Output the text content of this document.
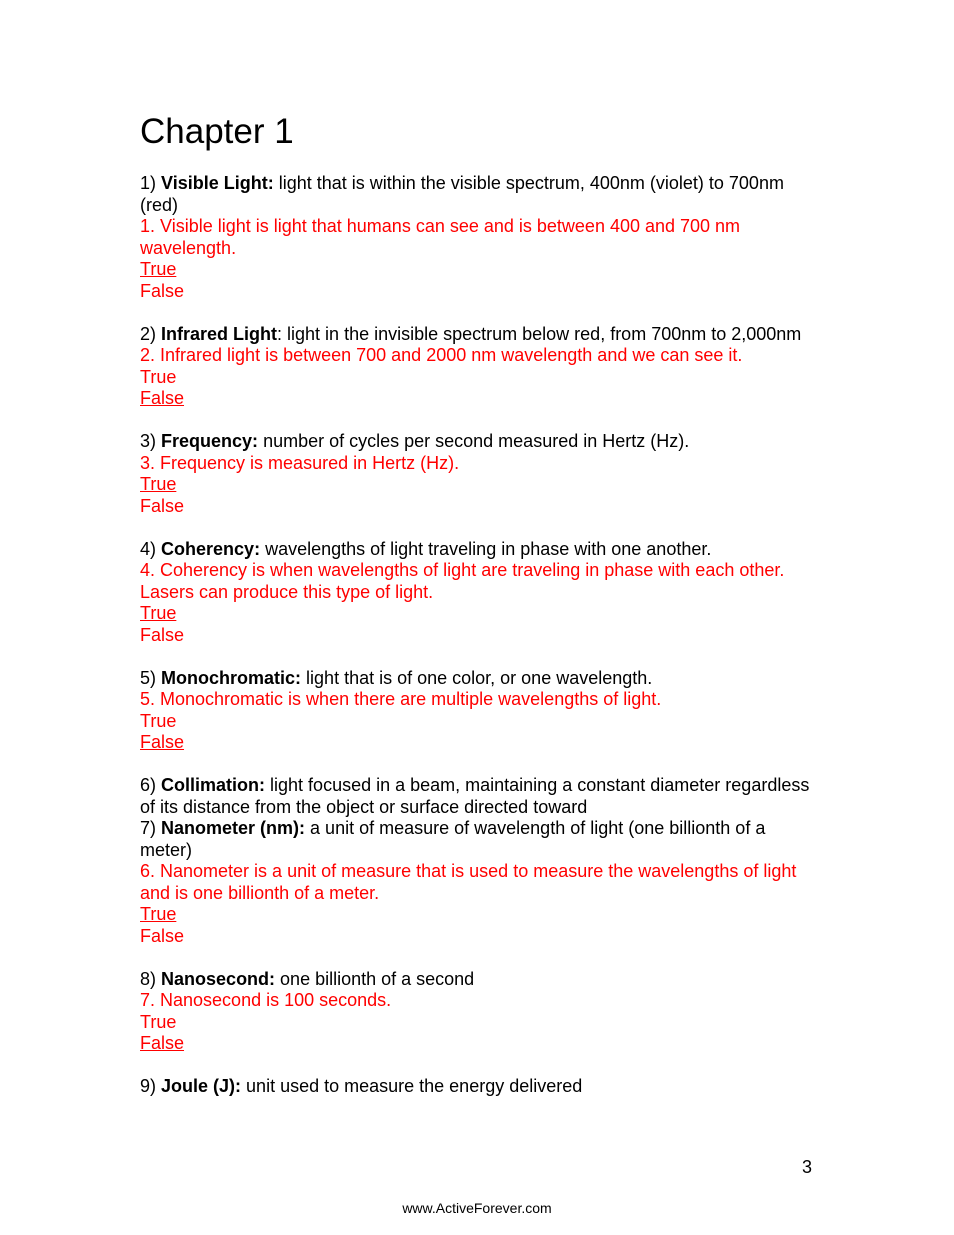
Chapter 1
1) Visible Light: light that is within the visible spectrum, 400nm (violet) to 700nm (red)
1. Visible light is light that humans can see and is between 400 and 700 nm wavelength.
True
False
2) Infrared Light: light in the invisible spectrum below red, from 700nm to 2,000nm
2. Infrared light is between 700 and 2000 nm wavelength and we can see it.
True
False
3) Frequency: number of cycles per second measured in Hertz (Hz).
3. Frequency is measured in Hertz (Hz).
True
False
4) Coherency: wavelengths of light traveling in phase with one another.
4. Coherency is when wavelengths of light are traveling in phase with each other. Lasers can produce this type of light.
True
False
5) Monochromatic: light that is of one color, or one wavelength.
5. Monochromatic is when there are multiple wavelengths of light.
True
False
6) Collimation: light focused in a beam, maintaining a constant diameter regardless of its distance from the object or surface directed toward
7) Nanometer (nm): a unit of measure of wavelength of light (one billionth of a meter)
6. Nanometer is a unit of measure that is used to measure the wavelengths of light and is one billionth of a meter.
True
False
8) Nanosecond: one billionth of a second
7. Nanosecond is 100 seconds.
True
False
9) Joule (J): unit used to measure the energy delivered
3
www.ActiveForever.com
